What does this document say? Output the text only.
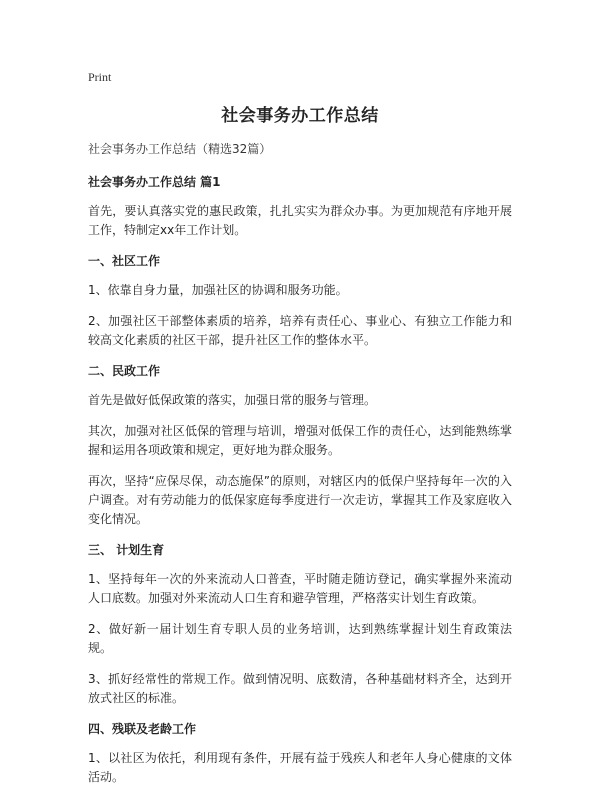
Print
社会事务办工作总结
社会事务办工作总结（精选32篇）
社会事务办工作总结 篇1
首先，要认真落实党的惠民政策，扎扎实实为群众办事。为更加规范有序地开展工作，特制定xx年工作计划。
一、社区工作
1、依靠自身力量，加强社区的协调和服务功能。
2、加强社区干部整体素质的培养，培养有责任心、事业心、有独立工作能力和较高文化素质的社区干部，提升社区工作的整体水平。
二、民政工作
首先是做好低保政策的落实，加强日常的服务与管理。
其次，加强对社区低保的管理与培训，增强对低保工作的责任心，达到能熟练掌握和运用各项政策和规定，更好地为群众服务。
再次，坚持“应保尽保，动态施保”的原则，对辖区内的低保户坚持每年一次的入户调查。对有劳动能力的低保家庭每季度进行一次走访，掌握其工作及家庭收入变化情况。
三、 计划生育
1、坚持每年一次的外来流动人口普查，平时随走随访登记，确实掌握外来流动人口底数。加强对外来流动人口生育和避孕管理，严格落实计划生育政策。
2、做好新一届计划生育专职人员的业务培训，达到熟练掌握计划生育政策法规。
3、抓好经常性的常规工作。做到情况明、底数清，各种基础材料齐全，达到开放式社区的标准。
四、残联及老龄工作
1、以社区为依托，利用现有条件，开展有益于残疾人和老年人身心健康的文体活动。
